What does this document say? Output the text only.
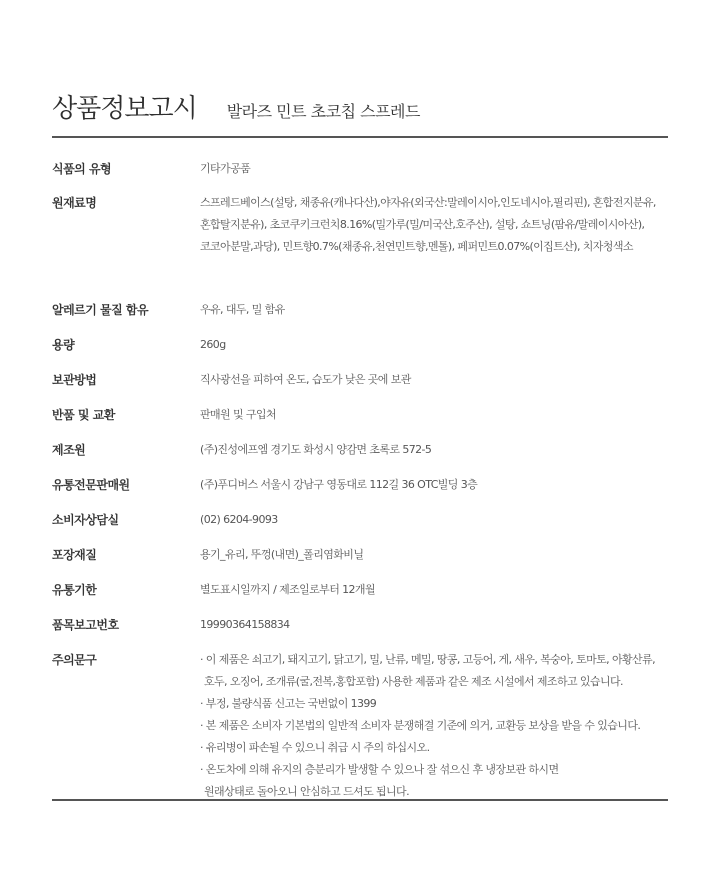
상품정보고시 발라즈 민트 초코칩 스프레드
식품의 유형	기타가공품
원재료명	스프레드베이스(설탕, 채종유(캐나다산),야자유(외국산:말레이시아,인도네시아,필리핀), 혼합전지분유,
혼합탈지분유), 초코쿠키크런치8.16%(밀가루(밀/미국산,호주산), 설탕, 쇼트닝(팜유/말레이시아산),
코코아분말,과당), 민트향0.7%(채종유,천연민트향,멘톨), 페퍼민트0.07%(이집트산), 치자청색소
알레르기 물질 함유	우유, 대두, 밀 함유
용량	260g
보관방법	직사광선을 피하여 온도, 습도가 낮은 곳에 보관
반품 및 교환	판매원 및 구입처
제조원	(주)진성에프엠 경기도 화성시 양감면 초록로 572-5
유통전문판매원	(주)푸디버스 서울시 강남구 영동대로 112길 36 OTC빌딩 3층
소비자상담실	(02) 6204-9093
포장재질	용기_유리, 뚜껑(내면)_폴리염화비닐
유통기한	별도표시일까지 / 제조일로부터 12개월
품목보고번호	19990364158834
주의문구	· 이 제품은 쇠고기, 돼지고기, 닭고기, 밀, 난류, 메밀, 땅콩, 고등어, 게, 새우, 복숭아, 토마토, 아황산류,
호두, 오징어, 조개류(굴,전복,홍합포함) 사용한 제품과 같은 제조 시설에서 제조하고 있습니다.
· 부정, 불량식품 신고는 국번없이 1399
· 본 제품은 소비자 기본법의 일반적 소비자 분쟁해결 기준에 의거, 교환등 보상을 받을 수 있습니다.
· 유리병이 파손될 수 있으니 취급 시 주의 하십시오.
· 온도차에 의해 유지의 층분리가 발생할 수 있으나 잘 섞으신 후 냉장보관 하시면
원래상태로 돌아오니 안심하고 드셔도 됩니다.
